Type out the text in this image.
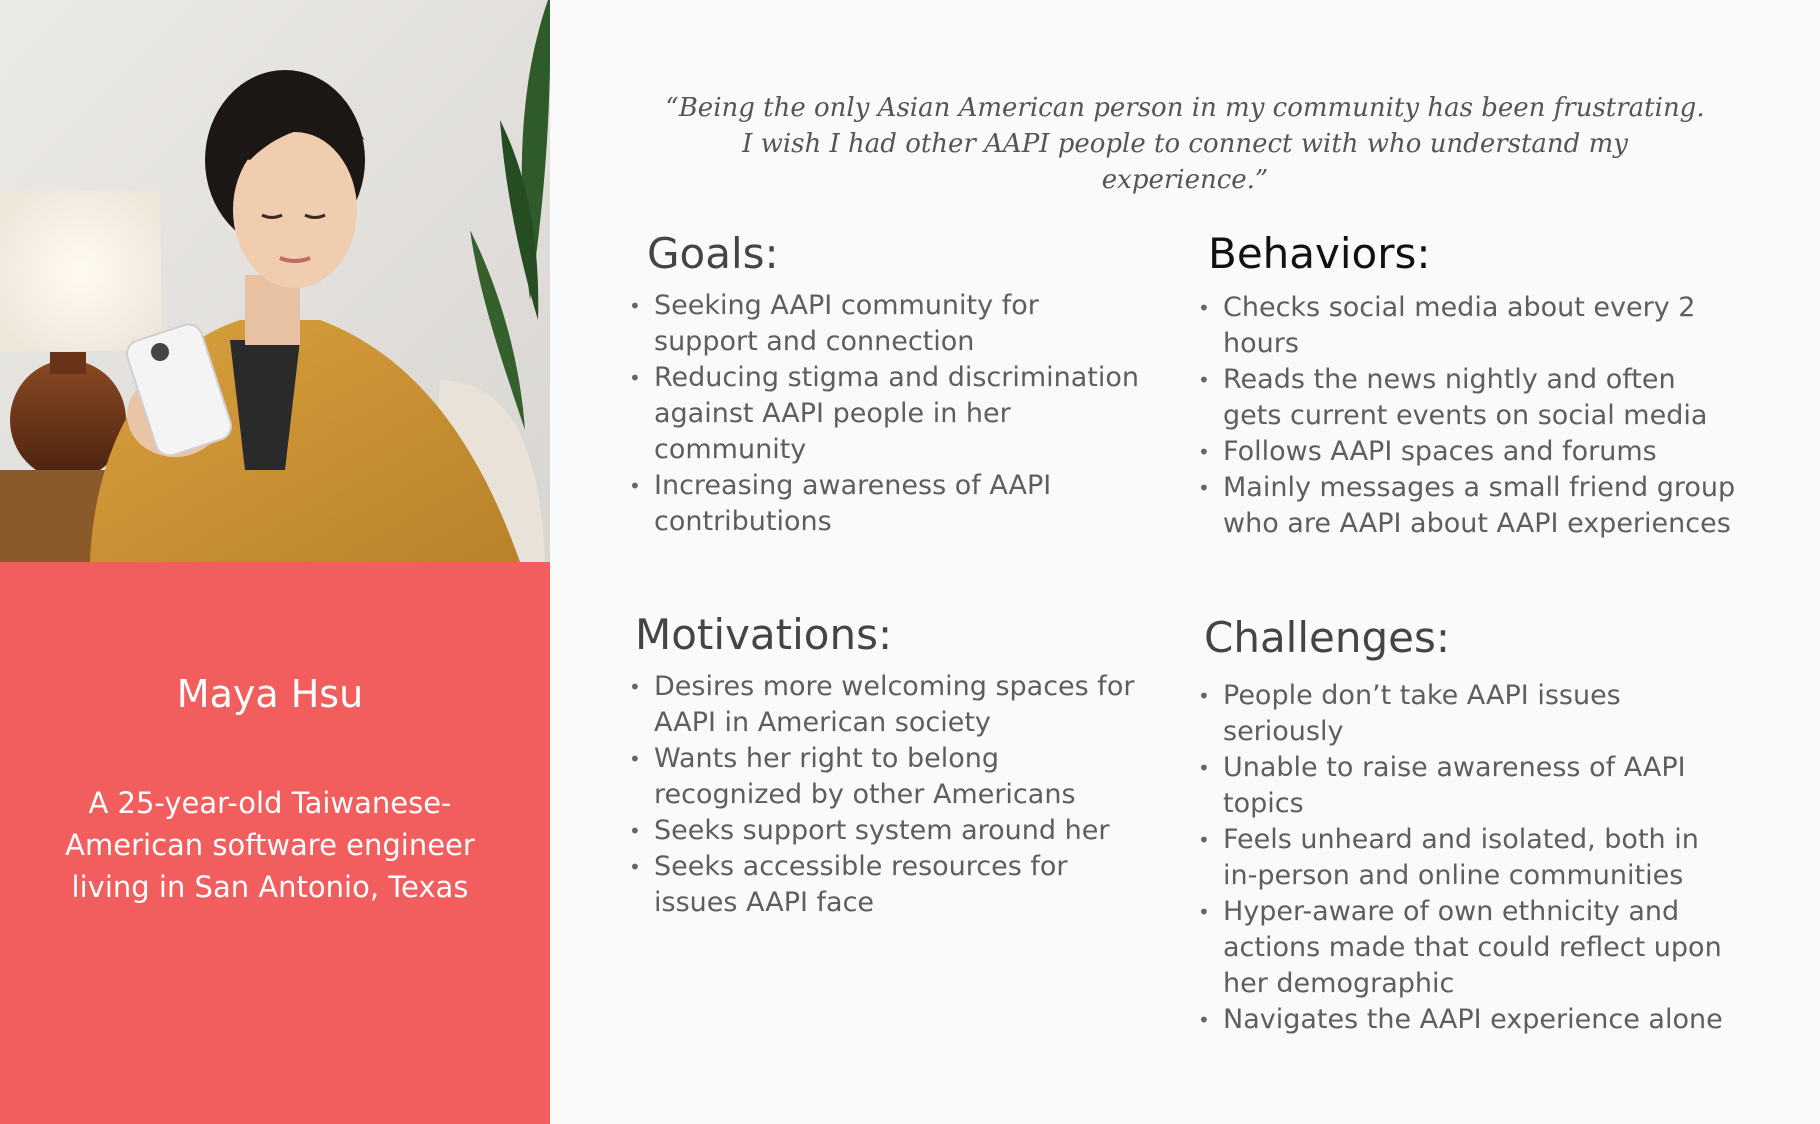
Maya Hsu
A 25-year-old Taiwanese-American software engineer living in San Antonio, Texas
“Being the only Asian American person in my community has been frustrating. I wish I had other AAPI people to connect with who understand my experience.”
Goals:
• Seeking AAPI community for support and connection
• Reducing stigma and discrimination against AAPI people in her community
• Increasing awareness of AAPI contributions
Behaviors:
• Checks social media about every 2 hours
• Reads the news nightly and often gets current events on social media
• Follows AAPI spaces and forums
• Mainly messages a small friend group who are AAPI about AAPI experiences
Motivations:
• Desires more welcoming spaces for AAPI in American society
• Wants her right to belong recognized by other Americans
• Seeks support system around her
• Seeks accessible resources for issues AAPI face
Challenges:
• People don’t take AAPI issues seriously
• Unable to raise awareness of AAPI topics
• Feels unheard and isolated, both in in-person and online communities
• Hyper-aware of own ethnicity and actions made that could reflect upon her demographic
• Navigates the AAPI experience alone
